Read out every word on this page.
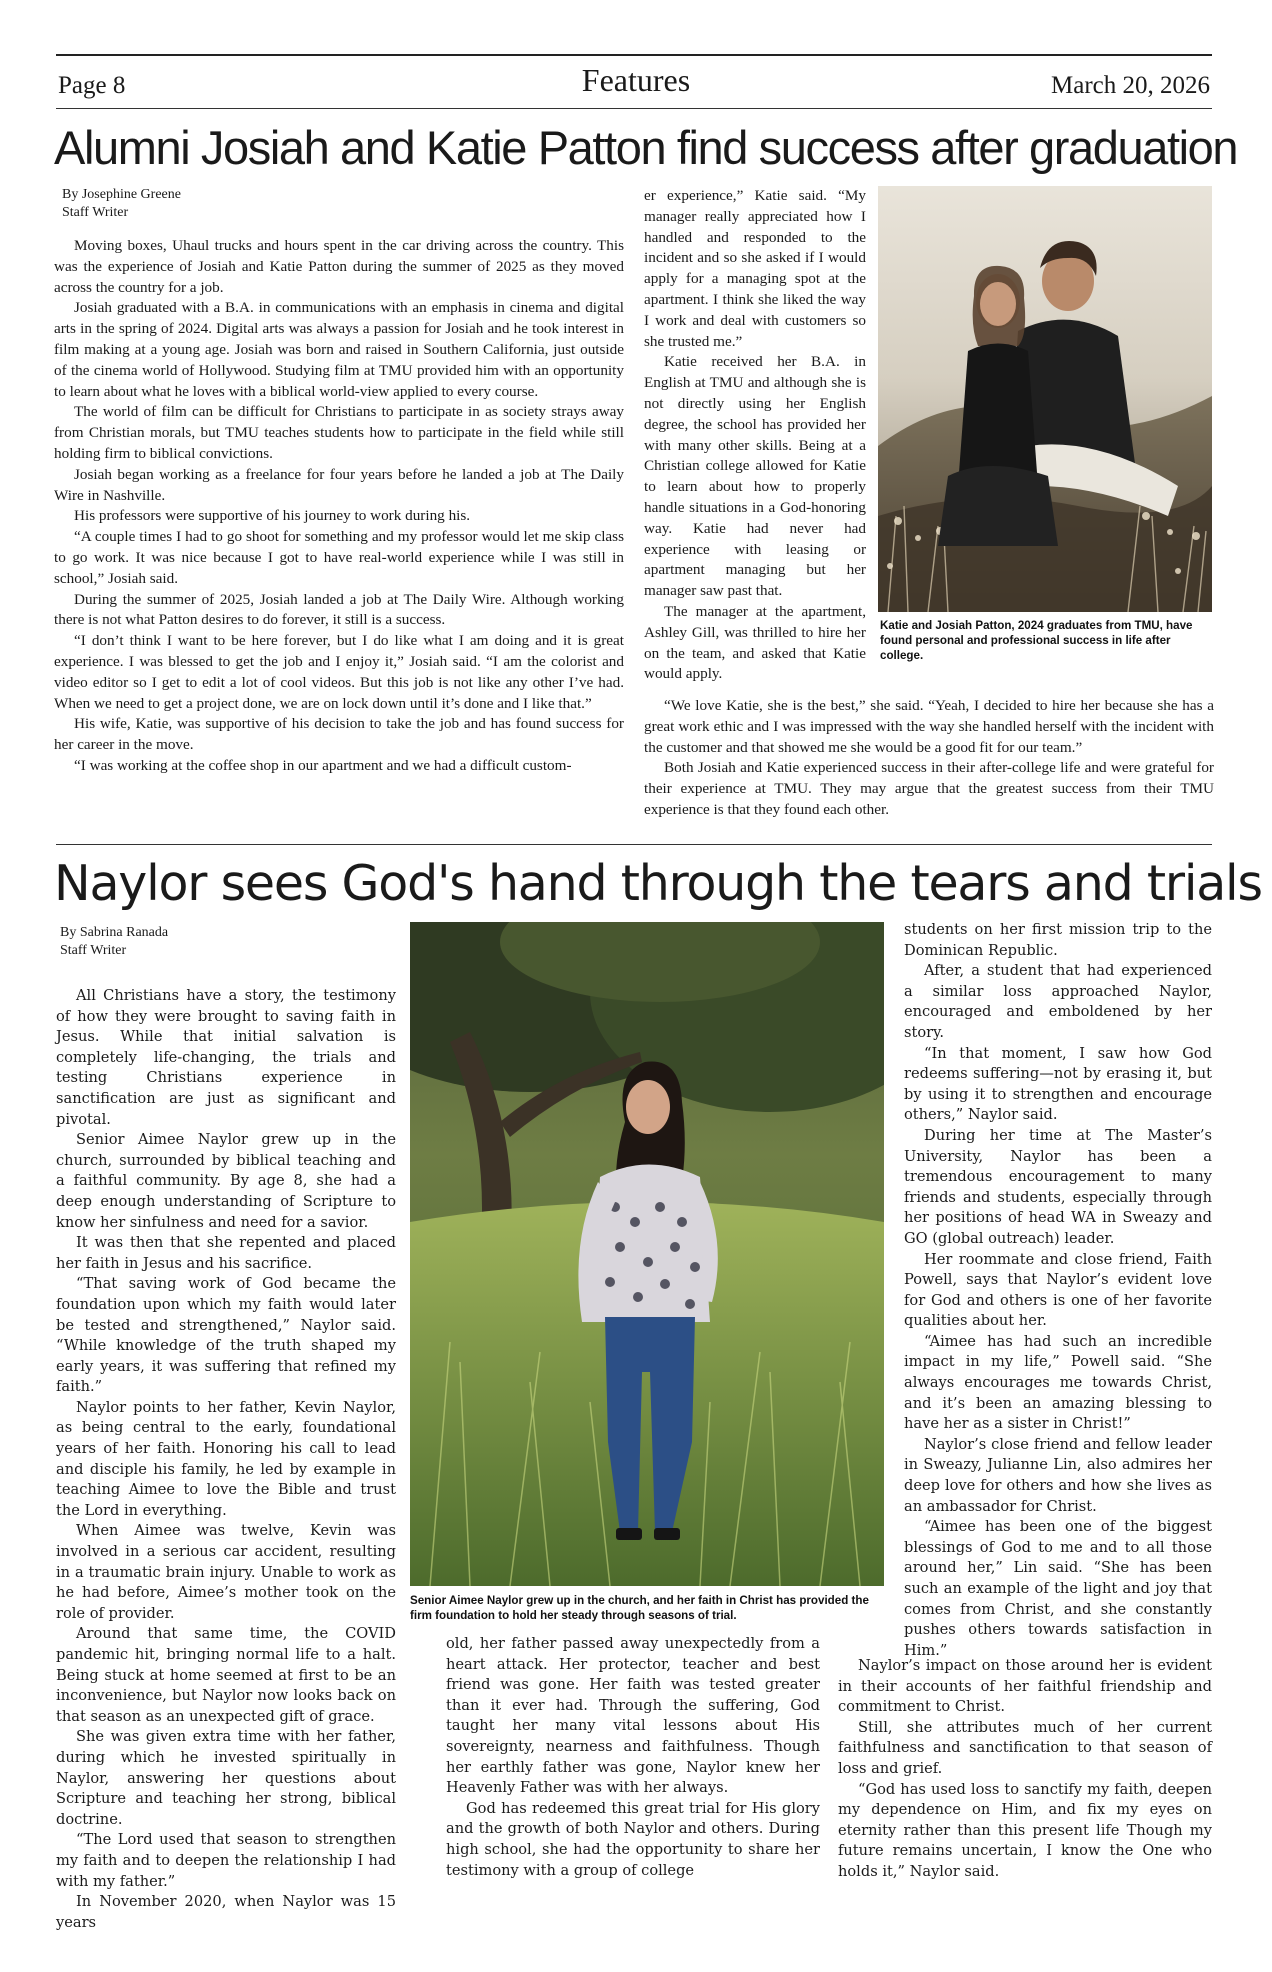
Page 8	Features	March 20, 2026
Alumni Josiah and Katie Patton find success after graduation
By Josephine Greene
Staff Writer

Moving boxes, Uhaul trucks and hours spent in the car driving across the country. This was the experience of Josiah and Katie Patton during the summer of 2025 as they moved across the country for a job.

Josiah graduated with a B.A. in communications with an emphasis in cinema and digital arts in the spring of 2024. Digital arts was always a passion for Josiah and he took interest in film making at a young age. Josiah was born and raised in Southern California, just outside of the cinema world of Hollywood. Studying film at TMU provided him with an opportunity to learn about what he loves with a biblical world-view applied to every course.

The world of film can be difficult for Christians to participate in as society strays away from Christian morals, but TMU teaches students how to participate in the field while still holding firm to biblical convictions.

Josiah began working as a freelance for four years before he landed a job at The Daily Wire in Nashville.

His professors were supportive of his journey to work during his.

“A couple times I had to go shoot for something and my professor would let me skip class to go work. It was nice because I got to have real-world experience while I was still in school,” Josiah said.

During the summer of 2025, Josiah landed a job at The Daily Wire. Although working there is not what Patton desires to do forever, it still is a success.

“I don’t think I want to be here forever, but I do like what I am doing and it is great experience. I was blessed to get the job and I enjoy it,” Josiah said. “I am the colorist and video editor so I get to edit a lot of cool videos. But this job is not like any other I’ve had. When we need to get a project done, we are on lock down until it’s done and I like that.”

His wife, Katie, was supportive of his decision to take the job and has found success for her career in the move.

“I was working at the coffee shop in our apartment and we had a difficult custom-

er experience,” Katie said. “My manager really appreciated how I handled and responded to the incident and so she asked if I would apply for a managing spot at the apartment. I think she liked the way I work and deal with customers so she trusted me.”

Katie received her B.A. in English at TMU and although she is not directly using her English degree, the school has provided her with many other skills. Being at a Christian college allowed for Katie to learn about how to properly handle situations in a God-honoring way. Katie had never had experience with leasing or apartment managing but her manager saw past that.

The manager at the apartment, Ashley Gill, was thrilled to hire her on the team, and asked that Katie would apply.

Katie and Josiah Patton, 2024 graduates from TMU, have found personal and professional success in life after college.

“We love Katie, she is the best,” she said. “Yeah, I decided to hire her because she has a great work ethic and I was impressed with the way she handled herself with the incident with the customer and that showed me she would be a good fit for our team.”

Both Josiah and Katie experienced success in their after-college life and were grateful for their experience at TMU. They may argue that the greatest success from their TMU experience is that they found each other.

Naylor sees God's hand through the tears and trials
By Sabrina Ranada
Staff Writer

All Christians have a story, the testimony of how they were brought to saving faith in Jesus. While that initial salvation is completely life-changing, the trials and testing Christians experience in sanctification are just as significant and pivotal.

Senior Aimee Naylor grew up in the church, surrounded by biblical teaching and a faithful community. By age 8, she had a deep enough understanding of Scripture to know her sinfulness and need for a savior.

It was then that she repented and placed her faith in Jesus and his sacrifice.

“That saving work of God became the foundation upon which my faith would later be tested and strengthened,” Naylor said. “While knowledge of the truth shaped my early years, it was suffering that refined my faith.”

Naylor points to her father, Kevin Naylor, as being central to the early, foundational years of her faith. Honoring his call to lead and disciple his family, he led by example in teaching Aimee to love the Bible and trust the Lord in everything.

When Aimee was twelve, Kevin was involved in a serious car accident, resulting in a traumatic brain injury. Unable to work as he had before, Aimee’s mother took on the role of provider.

Around that same time, the COVID pandemic hit, bringing normal life to a halt. Being stuck at home seemed at first to be an inconvenience, but Naylor now looks back on that season as an unexpected gift of grace.

She was given extra time with her father, during which he invested spiritually in Naylor, answering her questions about Scripture and teaching her strong, biblical doctrine.

“The Lord used that season to strengthen my faith and to deepen the relationship I had with my father.”

In November 2020, when Naylor was 15 years

Senior Aimee Naylor grew up in the church, and her faith in Christ has provided the firm foundation to hold her steady through seasons of trial.

old, her father passed away unexpectedly from a heart attack. Her protector, teacher and best friend was gone. Her faith was tested greater than it ever had. Through the suffering, God taught her many vital lessons about His sovereignty, nearness and faithfulness. Though her earthly father was gone, Naylor knew her Heavenly Father was with her always.

God has redeemed this great trial for His glory and the growth of both Naylor and others. During high school, she had the opportunity to share her testimony with a group of college

students on her first mission trip to the Dominican Republic.

After, a student that had experienced a similar loss approached Naylor, encouraged and emboldened by her story.

“In that moment, I saw how God redeems suffering—not by erasing it, but by using it to strengthen and encourage others,” Naylor said.

During her time at The Master’s University, Naylor has been a tremendous encouragement to many friends and students, especially through her positions of head WA in Sweazy and GO (global outreach) leader.

Her roommate and close friend, Faith Powell, says that Naylor’s evident love for God and others is one of her favorite qualities about her.

“Aimee has had such an incredible impact in my life,” Powell said. “She always encourages me towards Christ, and it’s been an amazing blessing to have her as a sister in Christ!”

Naylor’s close friend and fellow leader in Sweazy, Julianne Lin, also admires her deep love for others and how she lives as an ambassador for Christ.

“Aimee has been one of the biggest blessings of God to me and to all those around her,” Lin said. “She has been such an example of the light and joy that comes from Christ, and she constantly pushes others towards satisfaction in Him.”

Naylor’s impact on those around her is evident in their accounts of her faithful friendship and commitment to Christ.

Still, she attributes much of her current faithfulness and sanctification to that season of loss and grief.

“God has used loss to sanctify my faith, deepen my dependence on Him, and fix my eyes on eternity rather than this present life Though my future remains uncertain, I know the One who holds it,” Naylor said.
